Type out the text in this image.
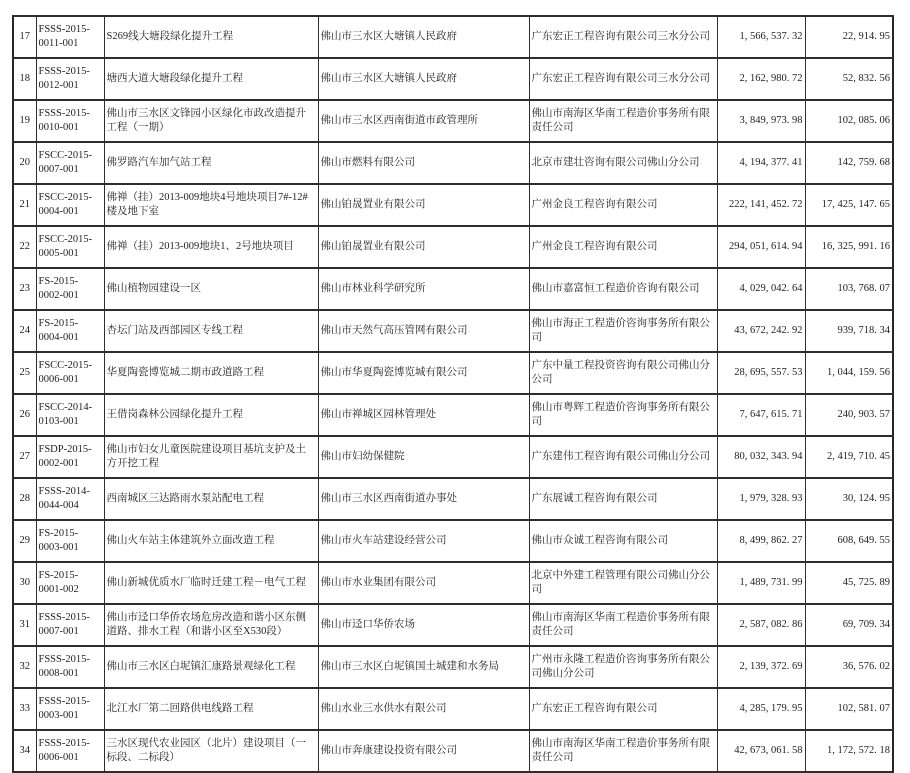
17	FSSS-2015-0011-001	S269线大塘段绿化提升工程	佛山市三水区大塘镇人民政府	广东宏正工程咨询有限公司三水分公司	1, 566, 537. 32	22, 914. 95
18	FSSS-2015-0012-001	塘西大道大塘段绿化提升工程	佛山市三水区大塘镇人民政府	广东宏正工程咨询有限公司三水分公司	2, 162, 980. 72	52, 832. 56
19	FSSS-2015-0010-001	佛山市三水区文锋园小区绿化市政改造提升工程（一期）	佛山市三水区西南街道市政管理所	佛山市南海区华南工程造价事务所有限责任公司	3, 849, 973. 98	102, 085. 06
20	FSCC-2015-0007-001	佛罗路汽车加气站工程	佛山市燃料有限公司	北京市建壮咨询有限公司佛山分公司	4, 194, 377. 41	142, 759. 68
21	FSCC-2015-0004-001	佛禅（挂）2013-009地块4号地块项目7#-12#楼及地下室	佛山铂晟置业有限公司	广州金良工程咨询有限公司	222, 141, 452. 72	17, 425, 147. 65
22	FSCC-2015-0005-001	佛禅（挂）2013-009地块1、2号地块项目	佛山铂晟置业有限公司	广州金良工程咨询有限公司	294, 051, 614. 94	16, 325, 991. 16
23	FS-2015-0002-001	佛山植物园建设一区	佛山市林业科学研究所	佛山市嘉富恒工程造价咨询有限公司	4, 029, 042. 64	103, 768. 07
24	FS-2015-0004-001	杏坛门站及西部园区专线工程	佛山市天然气高压管网有限公司	佛山市海正工程造价咨询事务所有限公司	43, 672, 242. 92	939, 718. 34
25	FSCC-2015-0006-001	华夏陶瓷博览城二期市政道路工程	佛山市华夏陶瓷博览城有限公司	广东中量工程投资咨询有限公司佛山分公司	28, 695, 557. 53	1, 044, 159. 56
26	FSCC-2014-0103-001	王借岗森林公园绿化提升工程	佛山市禅城区园林管理处	佛山市粤辉工程造价咨询事务所有限公司	7, 647, 615. 71	240, 903. 57
27	FSDP-2015-0002-001	佛山市妇女儿童医院建设项目基坑支护及土方开挖工程	佛山市妇幼保健院	广东建伟工程咨询有限公司佛山分公司	80, 032, 343. 94	2, 419, 710. 45
28	FSSS-2014-0044-004	西南城区三达路雨水泵站配电工程	佛山市三水区西南街道办事处	广东展诚工程咨询有限公司	1, 979, 328. 93	30, 124. 95
29	FS-2015-0003-001	佛山火车站主体建筑外立面改造工程	佛山市火车站建设经营公司	佛山市众诚工程咨询有限公司	8, 499, 862. 27	608, 649. 55
30	FS-2015-0001-002	佛山新城优质水厂临时迁建工程－电气工程	佛山市水业集团有限公司	北京中外建工程管理有限公司佛山分公司	1, 489, 731. 99	45, 725. 89
31	FSSS-2015-0007-001	佛山市迳口华侨农场危房改造和谐小区东侧道路、排水工程（和谐小区至X530段）	佛山市迳口华侨农场	佛山市南海区华南工程造价事务所有限责任公司	2, 587, 082. 86	69, 709. 34
32	FSSS-2015-0008-001	佛山市三水区白坭镇汇康路景观绿化工程	佛山市三水区白坭镇国土城建和水务局	广州市永隆工程造价咨询事务所有限公司佛山分公司	2, 139, 372. 69	36, 576. 02
33	FSSS-2015-0003-001	北江水厂第二回路供电线路工程	佛山水业三水供水有限公司	广东宏正工程咨询有限公司	4, 285, 179. 95	102, 581. 07
34	FSSS-2015-0006-001	三水区现代农业园区（北片）建设项目（一标段、二标段）	佛山市奔康建设投资有限公司	佛山市南海区华南工程造价事务所有限责任公司	42, 673, 061. 58	1, 172, 572. 18
